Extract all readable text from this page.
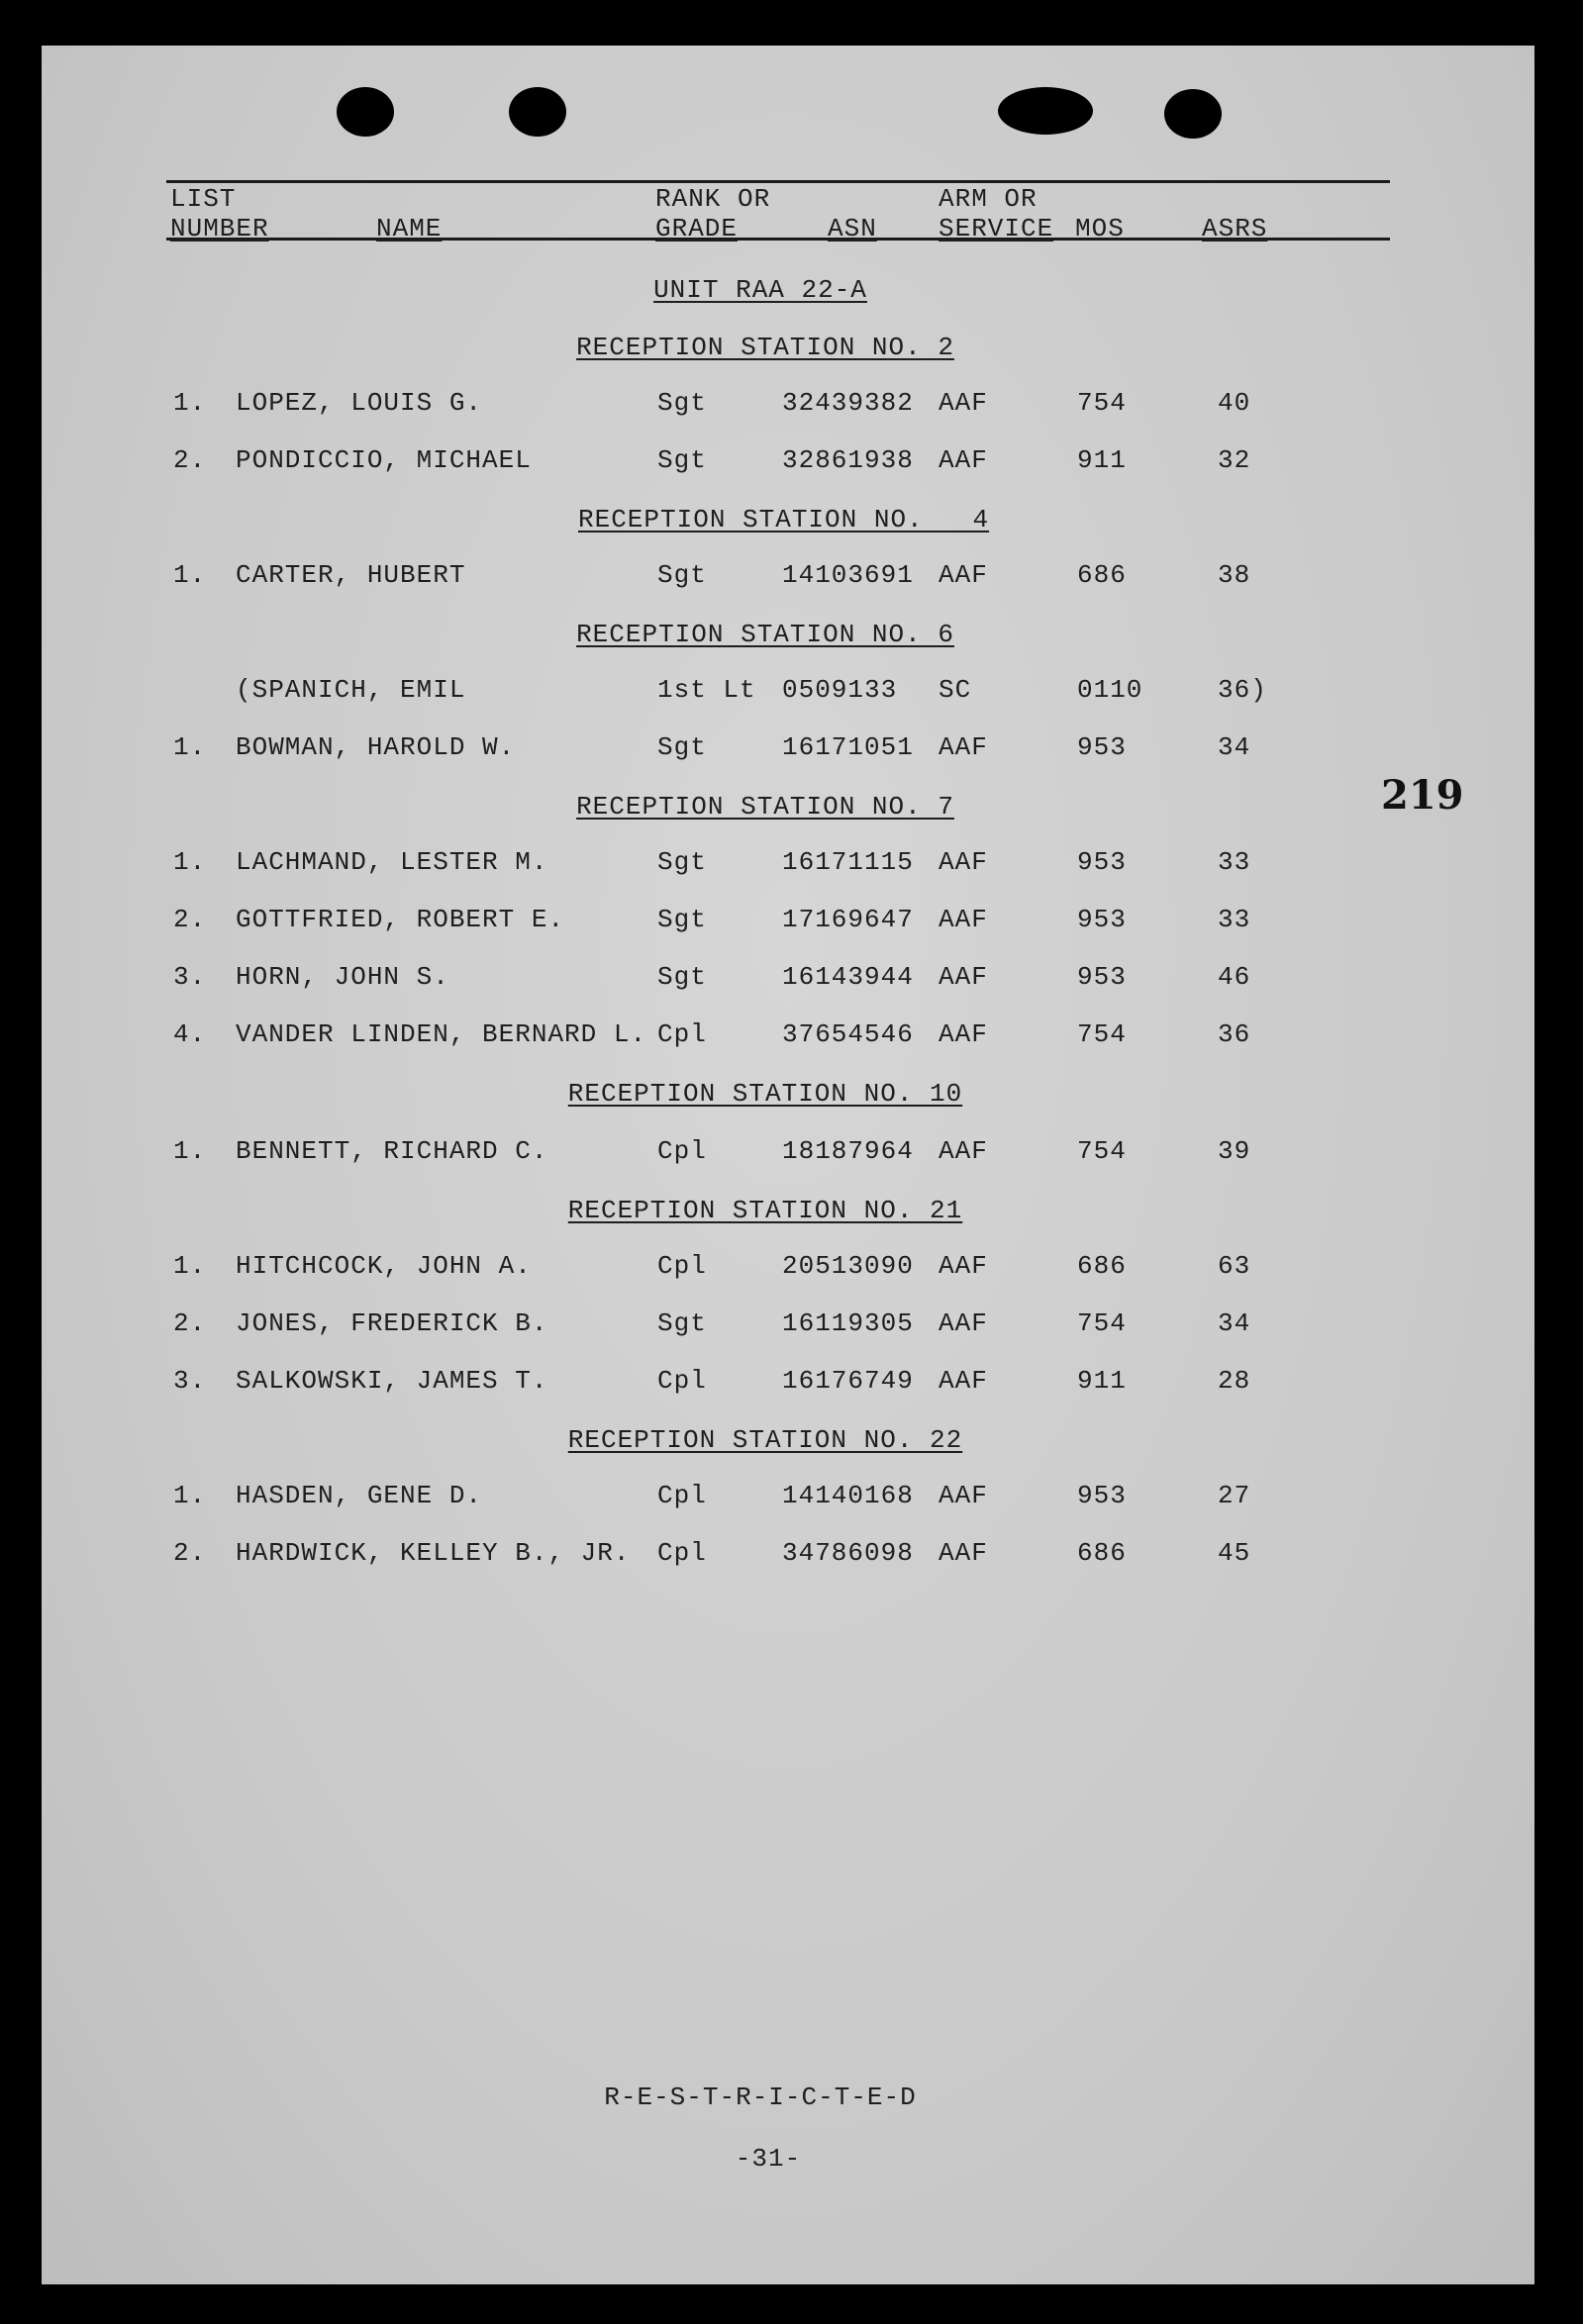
LIST
NUMBER	NAME
RANK OR
GRADE	ASN
ARM OR
SERVICE MOS	ASRS
UNIT RAA 22-A
RECEPTION STATION NO. 2
1. LOPEZ, LOUIS G.	Sgt	32439382 AAF	754	40
2. PONDICCIO, MICHAEL	Sgt	32861938 AAF	911	32
RECEPTION STATION NO.   4
1. CARTER, HUBERT	Sgt	14103691 AAF	686	38
RECEPTION STATION NO. 6
(SPANICH, EMIL	1st Lt 0509133 SC	0110	36)
1. BOWMAN, HAROLD W.	Sgt	16171051 AAF	953	34
219
RECEPTION STATION NO. 7
1. LACHMAND, LESTER M.	Sgt	16171115 AAF	953	33
2. GOTTFRIED, ROBERT E.	Sgt	17169647 AAF	953	33
3. HORN, JOHN S.	Sgt	16143944 AAF	953	46
4. VANDER LINDEN, BERNARD L. Cpl	37654546 AAF	754	36
RECEPTION STATION NO. 10
1. BENNETT, RICHARD C.	Cpl	18187964 AAF	754	39
RECEPTION STATION NO. 21
1. HITCHCOCK, JOHN A.	Cpl	20513090 AAF	686	63
2. JONES, FREDERICK B.	Sgt	16119305 AAF	754	34
3. SALKOWSKI, JAMES T.	Cpl	16176749 AAF	911	28
RECEPTION STATION NO. 22
1. HASDEN, GENE D.	Cpl	14140168 AAF	953	27
2. HARDWICK, KELLEY B., JR. Cpl	34786098 AAF	686	45
R-E-S-T-R-I-C-T-E-D
-31-
